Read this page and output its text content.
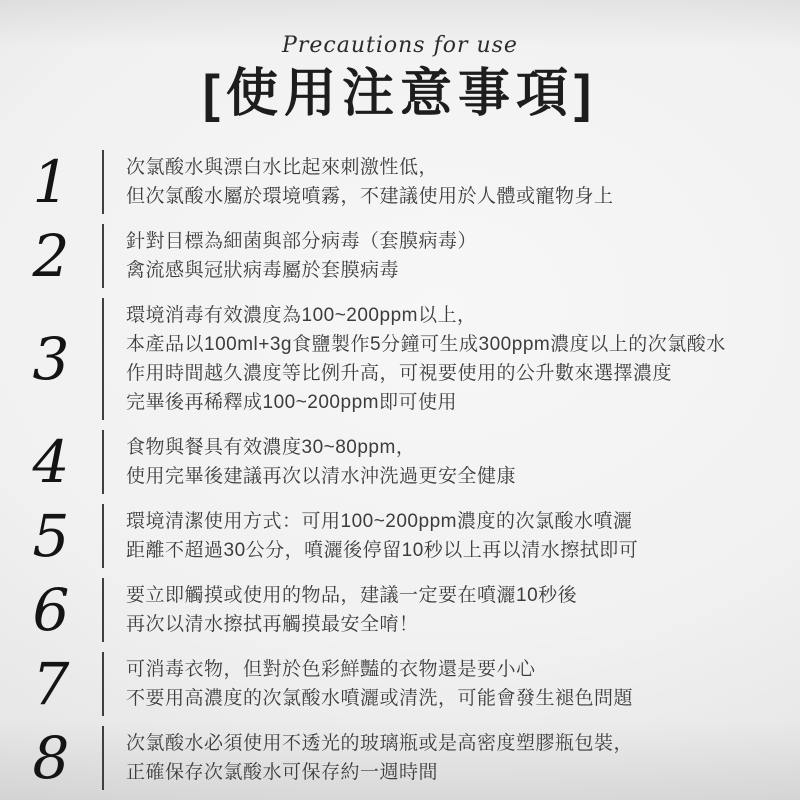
Precautions for use
[使用注意事項]
1	次氯酸水與漂白水比起來刺激性低，
但次氯酸水屬於環境噴霧，不建議使用於人體或寵物身上
2	針對目標為細菌與部分病毒（套膜病毒）
禽流感與冠狀病毒屬於套膜病毒
3
環境消毒有效濃度為100~200ppm以上，
本產品以100ml+3g食鹽製作5分鐘可生成300ppm濃度以上的次氯酸水
作用時間越久濃度等比例升高，可視要使用的公升數來選擇濃度
完畢後再稀釋成100~200ppm即可使用
4	食物與餐具有效濃度30~80ppm，
使用完畢後建議再次以清水沖洗過更安全健康
5	環境清潔使用方式：可用100~200ppm濃度的次氯酸水噴灑
距離不超過30公分，噴灑後停留10秒以上再以清水擦拭即可
6	要立即觸摸或使用的物品，建議一定要在噴灑10秒後
再次以清水擦拭再觸摸最安全唷！
7	可消毒衣物，但對於色彩鮮豔的衣物還是要小心
不要用高濃度的次氯酸水噴灑或清洗，可能會發生褪色問題
8	次氯酸水必須使用不透光的玻璃瓶或是高密度塑膠瓶包裝，
正確保存次氯酸水可保存約一週時間
